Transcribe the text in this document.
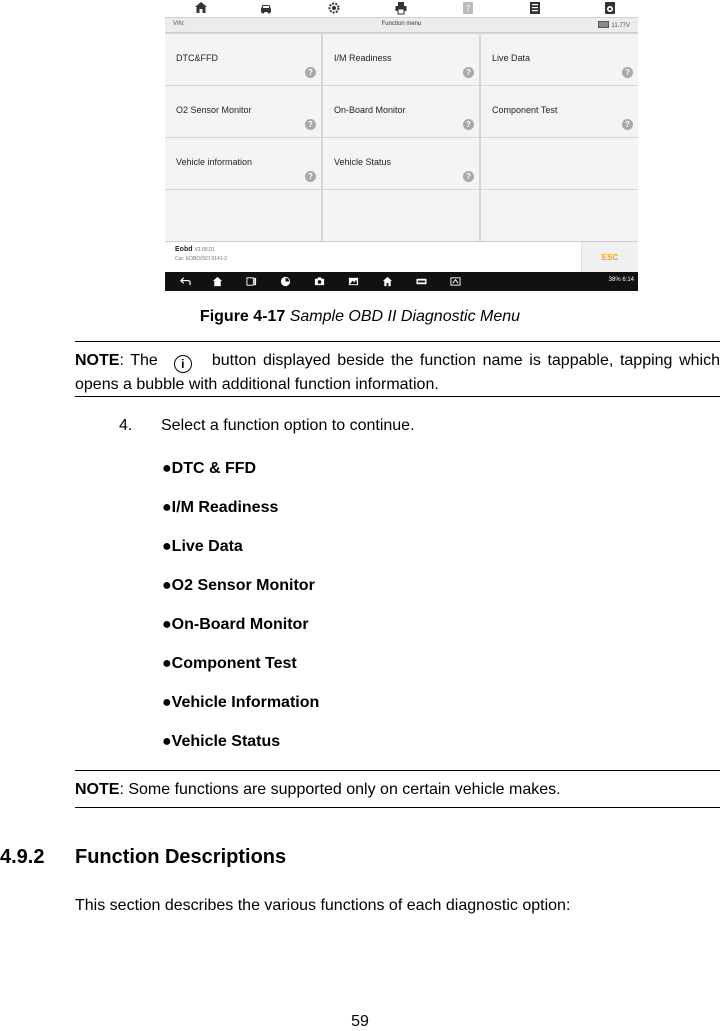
?
VIN:	Function menu	11.77V
DTC&FFD
?
I/M Readiness
?
Live Data
?
O2 Sensor Monitor
?
On-Board Monitor
?
Component Test
?
Vehicle information
?
Vehicle Status
?
Eobd V2.00.01
Car: EOBD/ISO 9141-2	ESC
38% 6:14
Figure 4-17 Sample OBD II Diagnostic Menu
NOTE: The i button displayed beside the function name is tappable, tapping which opens a bubble with additional function information.
4. Select a function option to continue.
●DTC & FFD
●I/M Readiness
●Live Data
●O2 Sensor Monitor
●On-Board Monitor
●Component Test
●Vehicle Information
●Vehicle Status
NOTE: Some functions are supported only on certain vehicle makes.
4.9.2 Function Descriptions
This section describes the various functions of each diagnostic option:
59
